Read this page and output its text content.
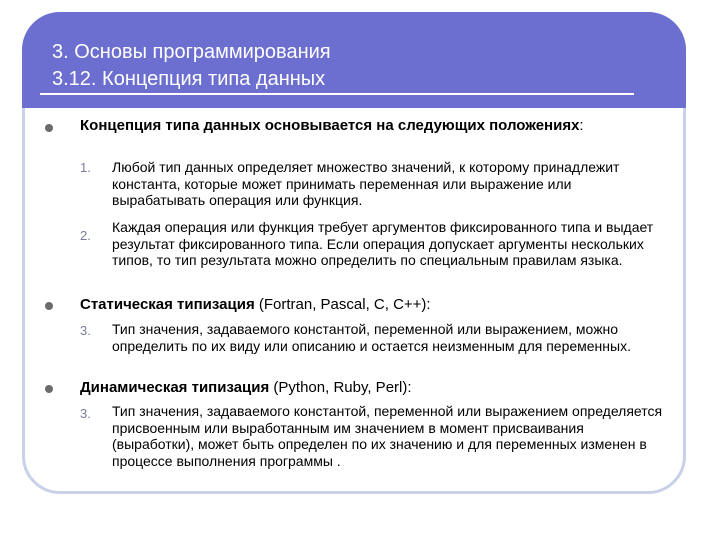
3. Основы программирования
3.12. Концепция типа данных
Концепция типа данных основывается на следующих положениях:
1. Любой тип данных определяет множество значений, к которому принадлежит константа, которые может принимать переменная или выражение или вырабатывать операция или функция.
2.
Каждая операция или функция требует аргументов фиксированного типа и выдает результат фиксированного типа. Если операция допускает аргументы нескольких типов, то тип результата можно определить по специальным правилам языка.
Статическая типизация (Fortran, Pascal, C, C++):
3. Тип значения, задаваемого константой, переменной или выражением, можно определить по их виду или описанию и остается неизменным для переменных.
Динамическая типизация (Python, Ruby, Perl):
3. Тип значения, задаваемого константой, переменной или выражением определяется присвоенным или выработанным им значением в момент присваивания (выработки), может быть определен по их значению и для переменных изменен в процессе выполнения программы .
